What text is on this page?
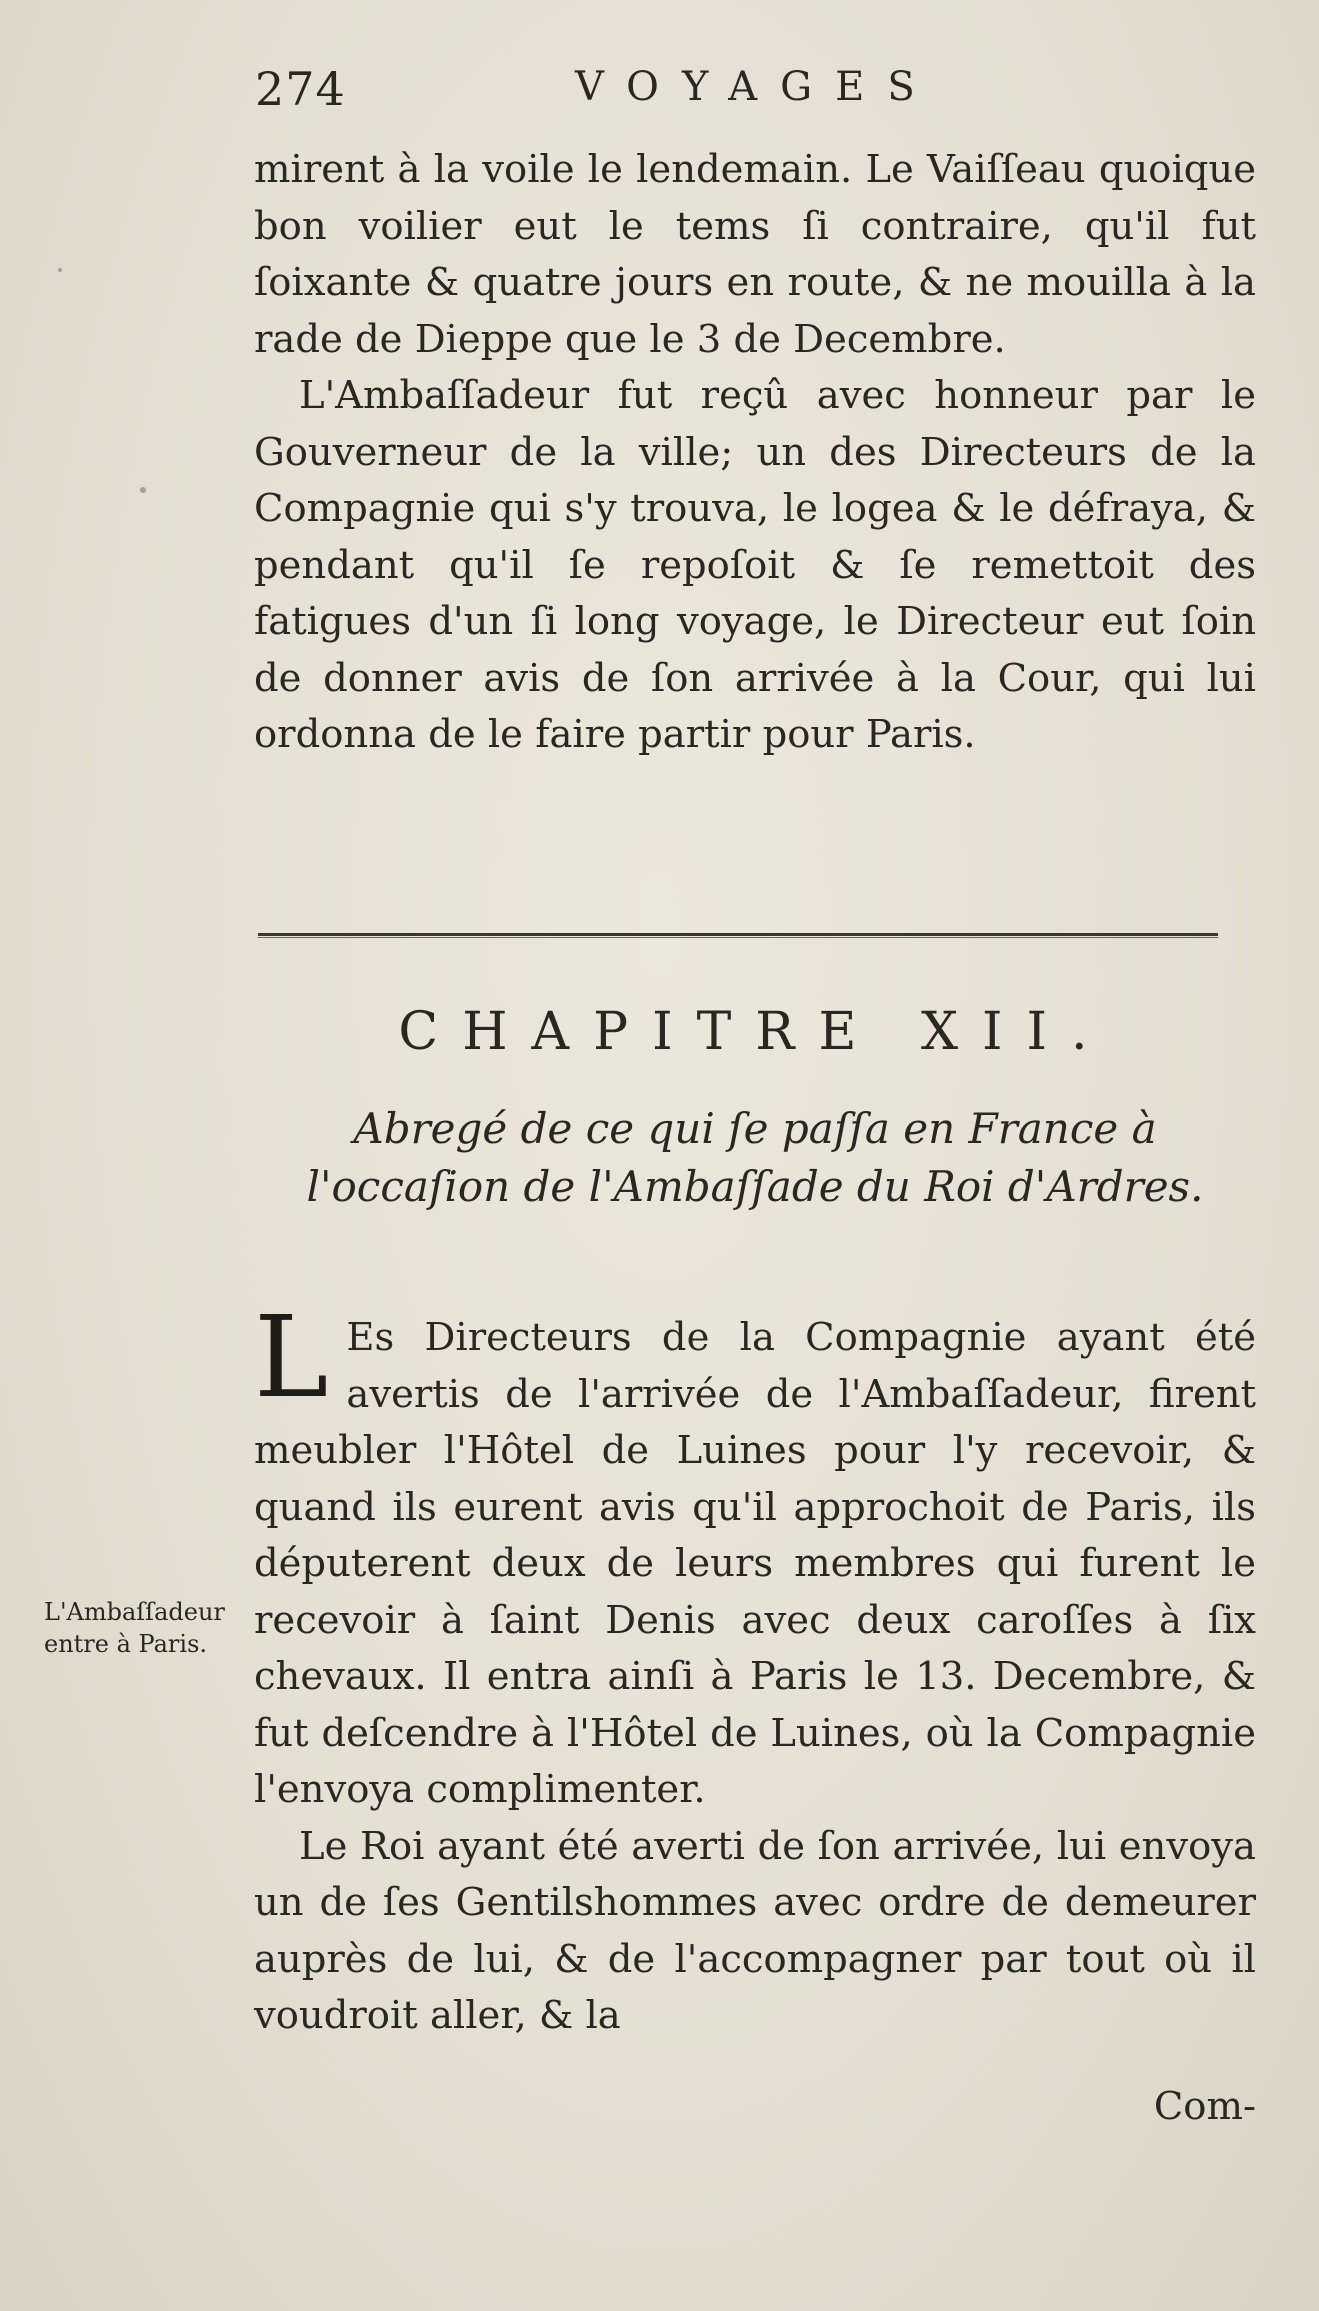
274	VOYAGES

mirent à la voile le lendemain. Le Vaiſſeau quoique bon voilier eut le tems ſi contraire, qu'il fut ſoixante & quatre jours en route, & ne mouilla à la rade de Dieppe que le 3 de Decembre.

L'Ambaſſadeur fut reçû avec honneur par le Gouverneur de la ville; un des Directeurs de la Compagnie qui s'y trouva, le logea & le défraya, & pendant qu'il ſe repoſoit & ſe remettoit des fatigues d'un ſi long voyage, le Directeur eut ſoin de donner avis de ſon arrivée à la Cour, qui lui ordonna de le faire partir pour Paris.

CHAPITRE XII.
Abregé de ce qui ſe paſſa en France à l'occaſion de l'Ambaſſade du Roi d'Ardres.

L Es Directeurs de la Compagnie ayant été avertis de l'arrivée de l'Ambaſſadeur, firent meubler l'Hôtel de Luines pour l'y recevoir, & quand ils eurent avis qu'il approchoit de Paris, ils députerent deux de leurs membres qui furent le recevoir à ſaint Denis avec deux caroſſes à ſix chevaux. Il entra ainſi à Paris le 13. Decembre, & fut deſcendre à l'Hôtel de Luines, où la Compagnie l'envoya complimenter.

Le Roi ayant été averti de ſon arrivée, lui envoya un de ſes Gentilshommes avec ordre de demeurer auprès de lui, & de l'accompagner par tout où il voudroit aller, & la

L'Ambaſſadeur entre à Paris.
Com-
